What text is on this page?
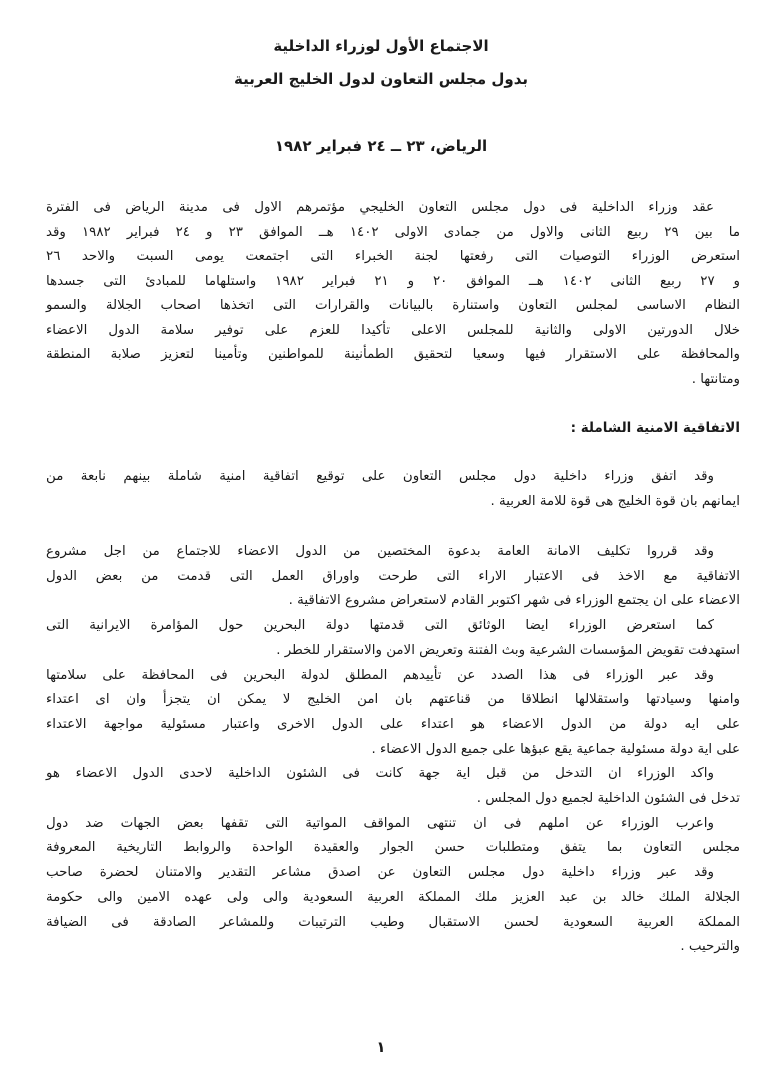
الاجتماع الأول لوزراء الداخلية
بدول مجلس التعاون لدول الخليج العربية
الرياض، ٢٣ ــ ٢٤ فبراير ١٩٨٢
عقد وزراء الداخلية فى دول مجلس التعاون الخليجي مؤتمرهم الاول فى مدينة الرياض فى الفترة
ما بين ٢٩ ربيع الثانى والاول من جمادى الاولى ١٤٠٢ هــ الموافق ٢٣ و ٢٤ فبراير ١٩٨٢ وقد
استعرض الوزراء التوصيات التى رفعتها لجنة الخبراء التى اجتمعت يومى السبت والاحد ٢٦
و ٢٧ ربيع الثانى ١٤٠٢ هــ الموافق ٢٠ و ٢١ فبراير ١٩٨٢ واستلهاما للمبادئ التى جسدها
النظام الاساسى لمجلس التعاون واستنارة بالبيانات والقرارات التى اتخذها اصحاب الجلالة والسمو
خلال الدورتين الاولى والثانية للمجلس الاعلى تأكيدا للعزم على توفير سلامة الدول الاعضاء
والمحافظة على الاستقرار فيها وسعيا لتحقيق الطمأنينة للمواطنين وتأمينا لتعزيز صلابة المنطقة
ومتانتها .
الاتفاقية الامنية الشاملة :
وقد اتفق وزراء داخلية دول مجلس التعاون على توقيع اتفاقية امنية شاملة بينهم نابعة من
ايمانهم بان قوة الخليج هى قوة للامة العربية .
وقد قرروا تكليف الامانة العامة بدعوة المختصين من الدول الاعضاء للاجتماع من اجل مشروع
الاتفاقية مع الاخذ فى الاعتبار الاراء التى طرحت واوراق العمل التى قدمت من بعض الدول
الاعضاء على ان يجتمع الوزراء فى شهر اكتوبر القادم لاستعراض مشروع الاتفاقية .
كما استعرض الوزراء ايضا الوثائق التى قدمتها دولة البحرين حول المؤامرة الايرانية التى
استهدفت تقويض المؤسسات الشرعية وبث الفتنة وتعريض الامن والاستقرار للخطر .
وقد عبر الوزراء فى هذا الصدد عن تأييدهم المطلق لدولة البحرين فى المحافظة على سلامتها
وامنها وسيادتها واستقلالها انطلاقا من قناعتهم بان امن الخليج لا يمكن ان يتجزأ وان اى اعتداء
على ايه دولة من الدول الاعضاء هو اعتداء على الدول الاخرى واعتبار مسئولية مواجهة الاعتداء
على اية دولة مسئولية جماعية يقع عبؤها على جميع الدول الاعضاء .
واكد الوزراء ان التدخل من قبل اية جهة كانت فى الشئون الداخلية لاحدى الدول الاعضاء هو
تدخل فى الشئون الداخلية لجميع دول المجلس .
واعرب الوزراء عن املهم فى ان تنتهى المواقف المواتية التى تقفها بعض الجهات ضد دول
مجلس التعاون بما يتفق ومتطلبات حسن الجوار والعقيدة الواحدة والروابط التاريخية المعروفة
وقد عبر وزراء داخلية دول مجلس التعاون عن اصدق مشاعر التقدير والامتنان لحضرة صاحب
الجلالة الملك خالد بن عبد العزيز ملك المملكة العربية السعودية والى ولى عهده الامين والى حكومة
المملكة العربية السعودية لحسن الاستقبال وطيب الترتيبات وللمشاعر الصادقة فى الضيافة
والترحيب .
١
